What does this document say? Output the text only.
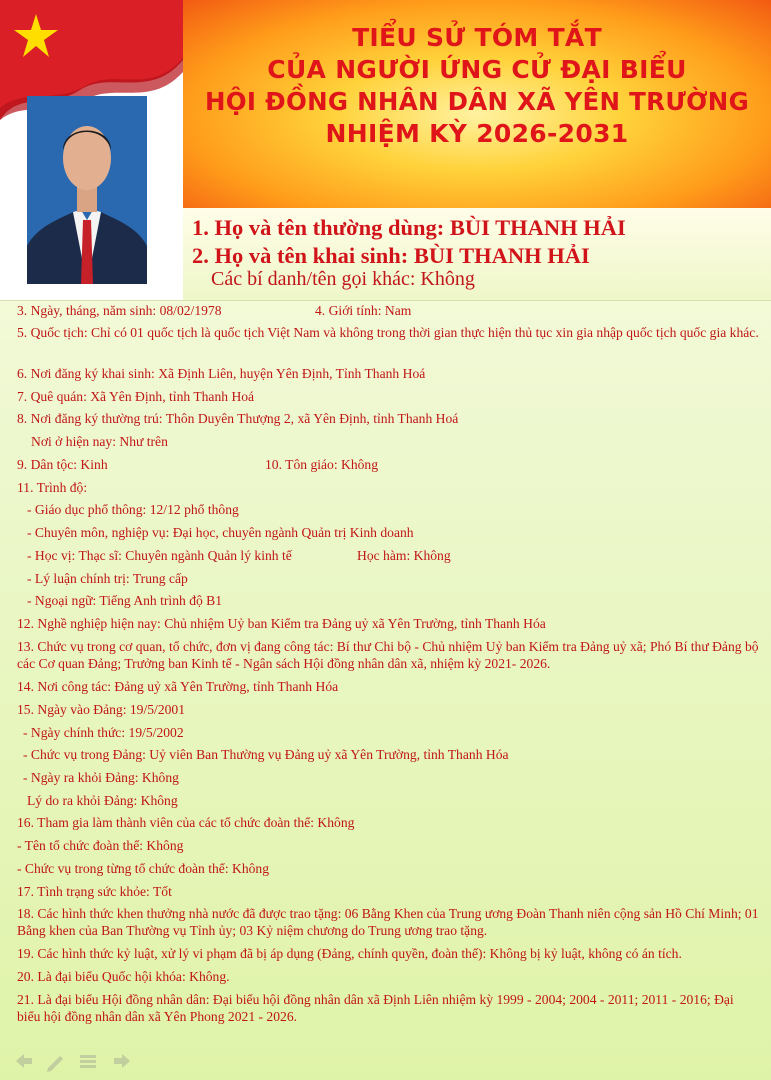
TIỂU SỬ TÓM TẮT
CỦA NGƯỜI ỨNG CỬ ĐẠI BIỂU
HỘI ĐỒNG NHÂN DÂN XÃ YÊN TRƯỜNG
NHIỆM KỲ 2026-2031
1. Họ và tên thường dùng: BÙI THANH HẢI
2. Họ và tên khai sinh: BÙI THANH HẢI
Các bí danh/tên gọi khác: Không
3. Ngày, tháng, năm sinh: 08/02/1978	4. Giới tính: Nam
5. Quốc tịch: Chỉ có 01 quốc tịch là quốc tịch Việt Nam và không trong thời gian thực hiện thủ tục xin gia nhập quốc tịch quốc gia khác.
6. Nơi đăng ký khai sinh: Xã Định Liên, huyện Yên Định, Tỉnh Thanh Hoá
7. Quê quán: Xã Yên Định, tỉnh Thanh Hoá
8. Nơi đăng ký thường trú: Thôn Duyên Thượng 2, xã Yên Định, tỉnh Thanh Hoá
Nơi ở hiện nay: Như trên
9. Dân tộc: Kinh	10. Tôn giáo: Không
11. Trình độ:
- Giáo dục phổ thông: 12/12 phổ thông
- Chuyên môn, nghiệp vụ: Đại học, chuyên ngành Quản trị Kinh doanh
- Học vị: Thạc sĩ: Chuyên ngành Quản lý kinh tế	Học hàm: Không
- Lý luận chính trị: Trung cấp
- Ngoại ngữ: Tiếng Anh trình độ B1
12. Nghề nghiệp hiện nay: Chủ nhiệm Uỷ ban Kiểm tra Đảng uỷ xã Yên Trường, tỉnh Thanh Hóa
13. Chức vụ trong cơ quan, tổ chức, đơn vị đang công tác: Bí thư Chi bộ - Chủ nhiệm Uỷ ban Kiểm tra Đảng uỷ xã; Phó Bí thư Đảng bộ các Cơ quan Đảng; Trưởng ban Kinh tế - Ngân sách Hội đồng nhân dân xã, nhiệm kỳ 2021- 2026.
14. Nơi công tác: Đảng uỷ xã Yên Trường, tỉnh Thanh Hóa
15. Ngày vào Đảng: 19/5/2001
- Ngày chính thức: 19/5/2002
- Chức vụ trong Đảng: Uỷ viên Ban Thường vụ Đảng uỷ xã Yên Trường, tỉnh Thanh Hóa
- Ngày ra khỏi Đảng: Không
Lý do ra khỏi Đảng: Không
16. Tham gia làm thành viên của các tổ chức đoàn thể: Không
- Tên tổ chức đoàn thể: Không
- Chức vụ trong từng tổ chức đoàn thể: Không
17. Tình trạng sức khỏe: Tốt
18. Các hình thức khen thưởng nhà nước đã được trao tặng: 06 Bằng Khen của Trung ương Đoàn Thanh niên cộng sản Hồ Chí Minh; 01 Bằng khen của Ban Thường vụ Tỉnh ủy; 03 Kỷ niệm chương do Trung ương trao tặng.
19. Các hình thức kỷ luật, xử lý vi phạm đã bị áp dụng (Đảng, chính quyền, đoàn thể): Không bị kỷ luật, không có án tích.
20. Là đại biểu Quốc hội khóa: Không.
21. Là đại biểu Hội đồng nhân dân: Đại biểu hội đồng nhân dân xã Định Liên nhiệm kỳ 1999 - 2004; 2004 - 2011; 2011 - 2016; Đại biểu hội đồng nhân dân xã Yên Phong 2021 - 2026.
